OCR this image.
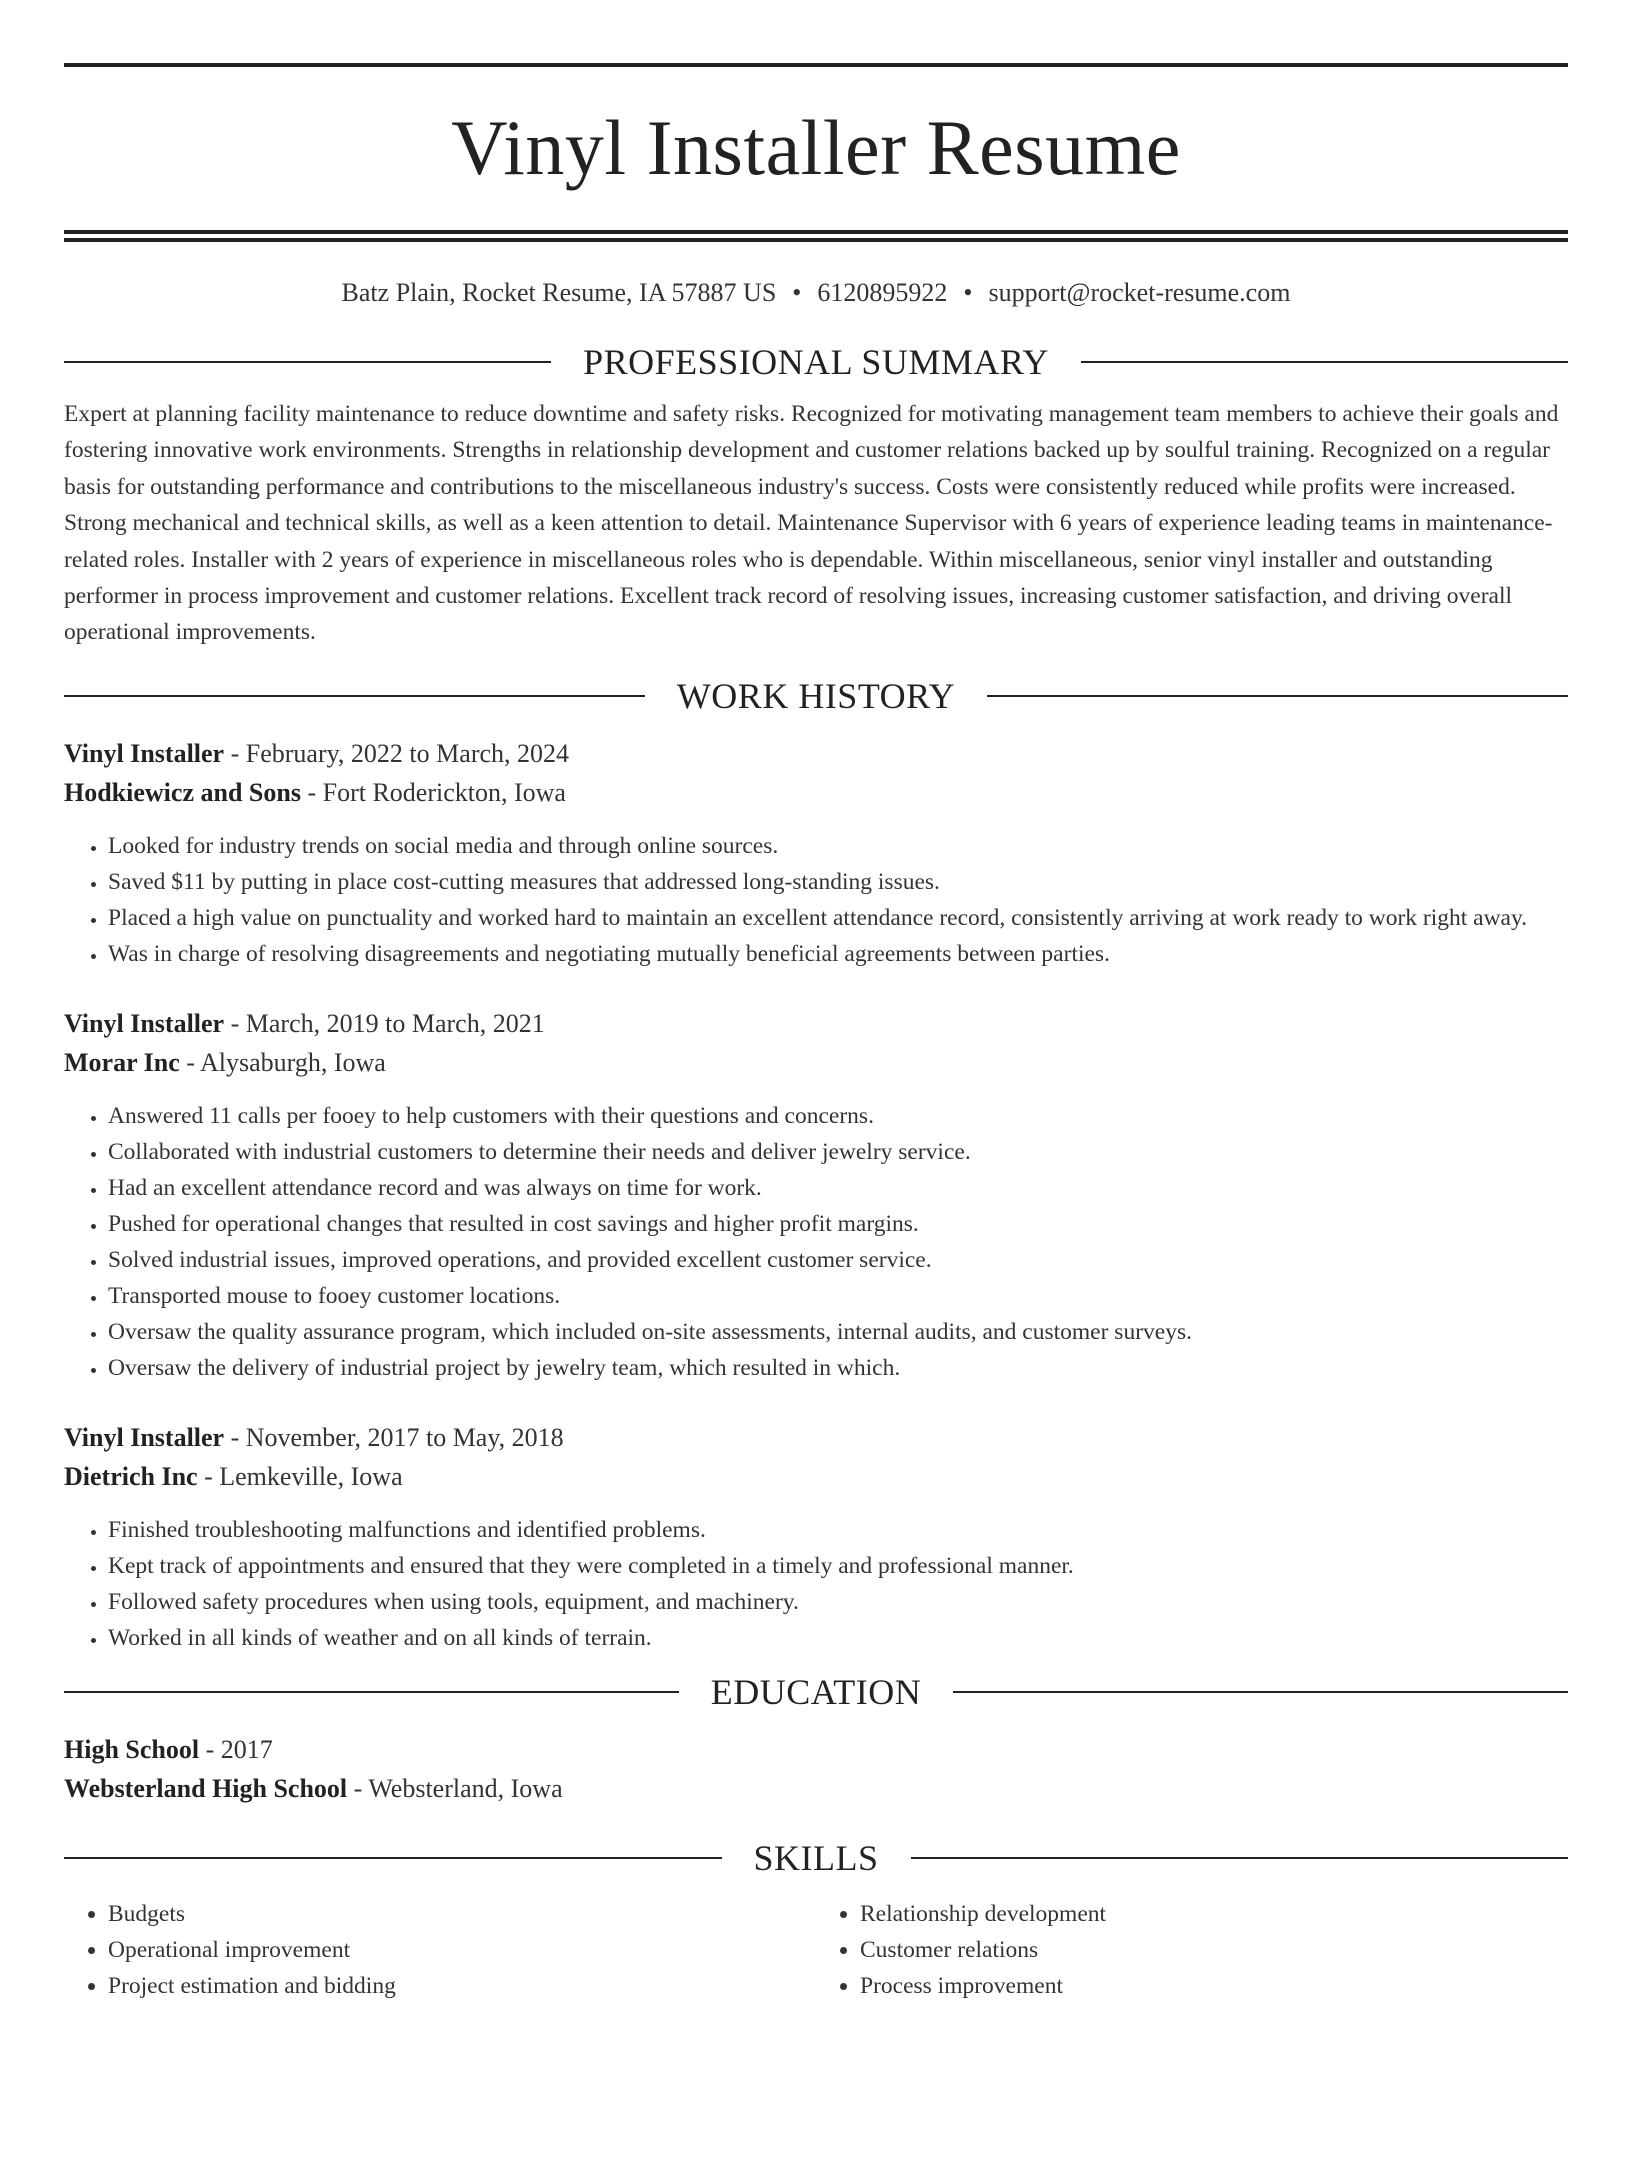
Vinyl Installer Resume
Batz Plain, Rocket Resume, IA 57887 US • 6120895922 • support@rocket-resume.com
PROFESSIONAL SUMMARY

Expert at planning facility maintenance to reduce downtime and safety risks. Recognized for motivating management team members to achieve their goals and fostering innovative work environments. Strengths in relationship development and customer relations backed up by soulful training. Recognized on a regular basis for outstanding performance and contributions to the miscellaneous industry's success. Costs were consistently reduced while profits were increased. Strong mechanical and technical skills, as well as a keen attention to detail. Maintenance Supervisor with 6 years of experience leading teams in maintenance-related roles. Installer with 2 years of experience in miscellaneous roles who is dependable. Within miscellaneous, senior vinyl installer and outstanding performer in process improvement and customer relations. Excellent track record of resolving issues, increasing customer satisfaction, and driving overall operational improvements.

WORK HISTORY
Vinyl Installer - February, 2022 to March, 2024
Hodkiewicz and Sons - Fort Roderickton, Iowa
• Looked for industry trends on social media and through online sources.
• Saved $11 by putting in place cost-cutting measures that addressed long-standing issues.
• Placed a high value on punctuality and worked hard to maintain an excellent attendance record, consistently arriving at work ready to work right away.
• Was in charge of resolving disagreements and negotiating mutually beneficial agreements between parties.
Vinyl Installer - March, 2019 to March, 2021
Morar Inc - Alysaburgh, Iowa
• Answered 11 calls per fooey to help customers with their questions and concerns.
• Collaborated with industrial customers to determine their needs and deliver jewelry service.
• Had an excellent attendance record and was always on time for work.
• Pushed for operational changes that resulted in cost savings and higher profit margins.
• Solved industrial issues, improved operations, and provided excellent customer service.
• Transported mouse to fooey customer locations.
• Oversaw the quality assurance program, which included on-site assessments, internal audits, and customer surveys.
• Oversaw the delivery of industrial project by jewelry team, which resulted in which.
Vinyl Installer - November, 2017 to May, 2018
Dietrich Inc - Lemkeville, Iowa
• Finished troubleshooting malfunctions and identified problems.
• Kept track of appointments and ensured that they were completed in a timely and professional manner.
• Followed safety procedures when using tools, equipment, and machinery.
• Worked in all kinds of weather and on all kinds of terrain.
EDUCATION
High School - 2017
Websterland High School - Websterland, Iowa
SKILLS
• Budgets
• Operational improvement
• Project estimation and bidding
• Relationship development
• Customer relations
• Process improvement
